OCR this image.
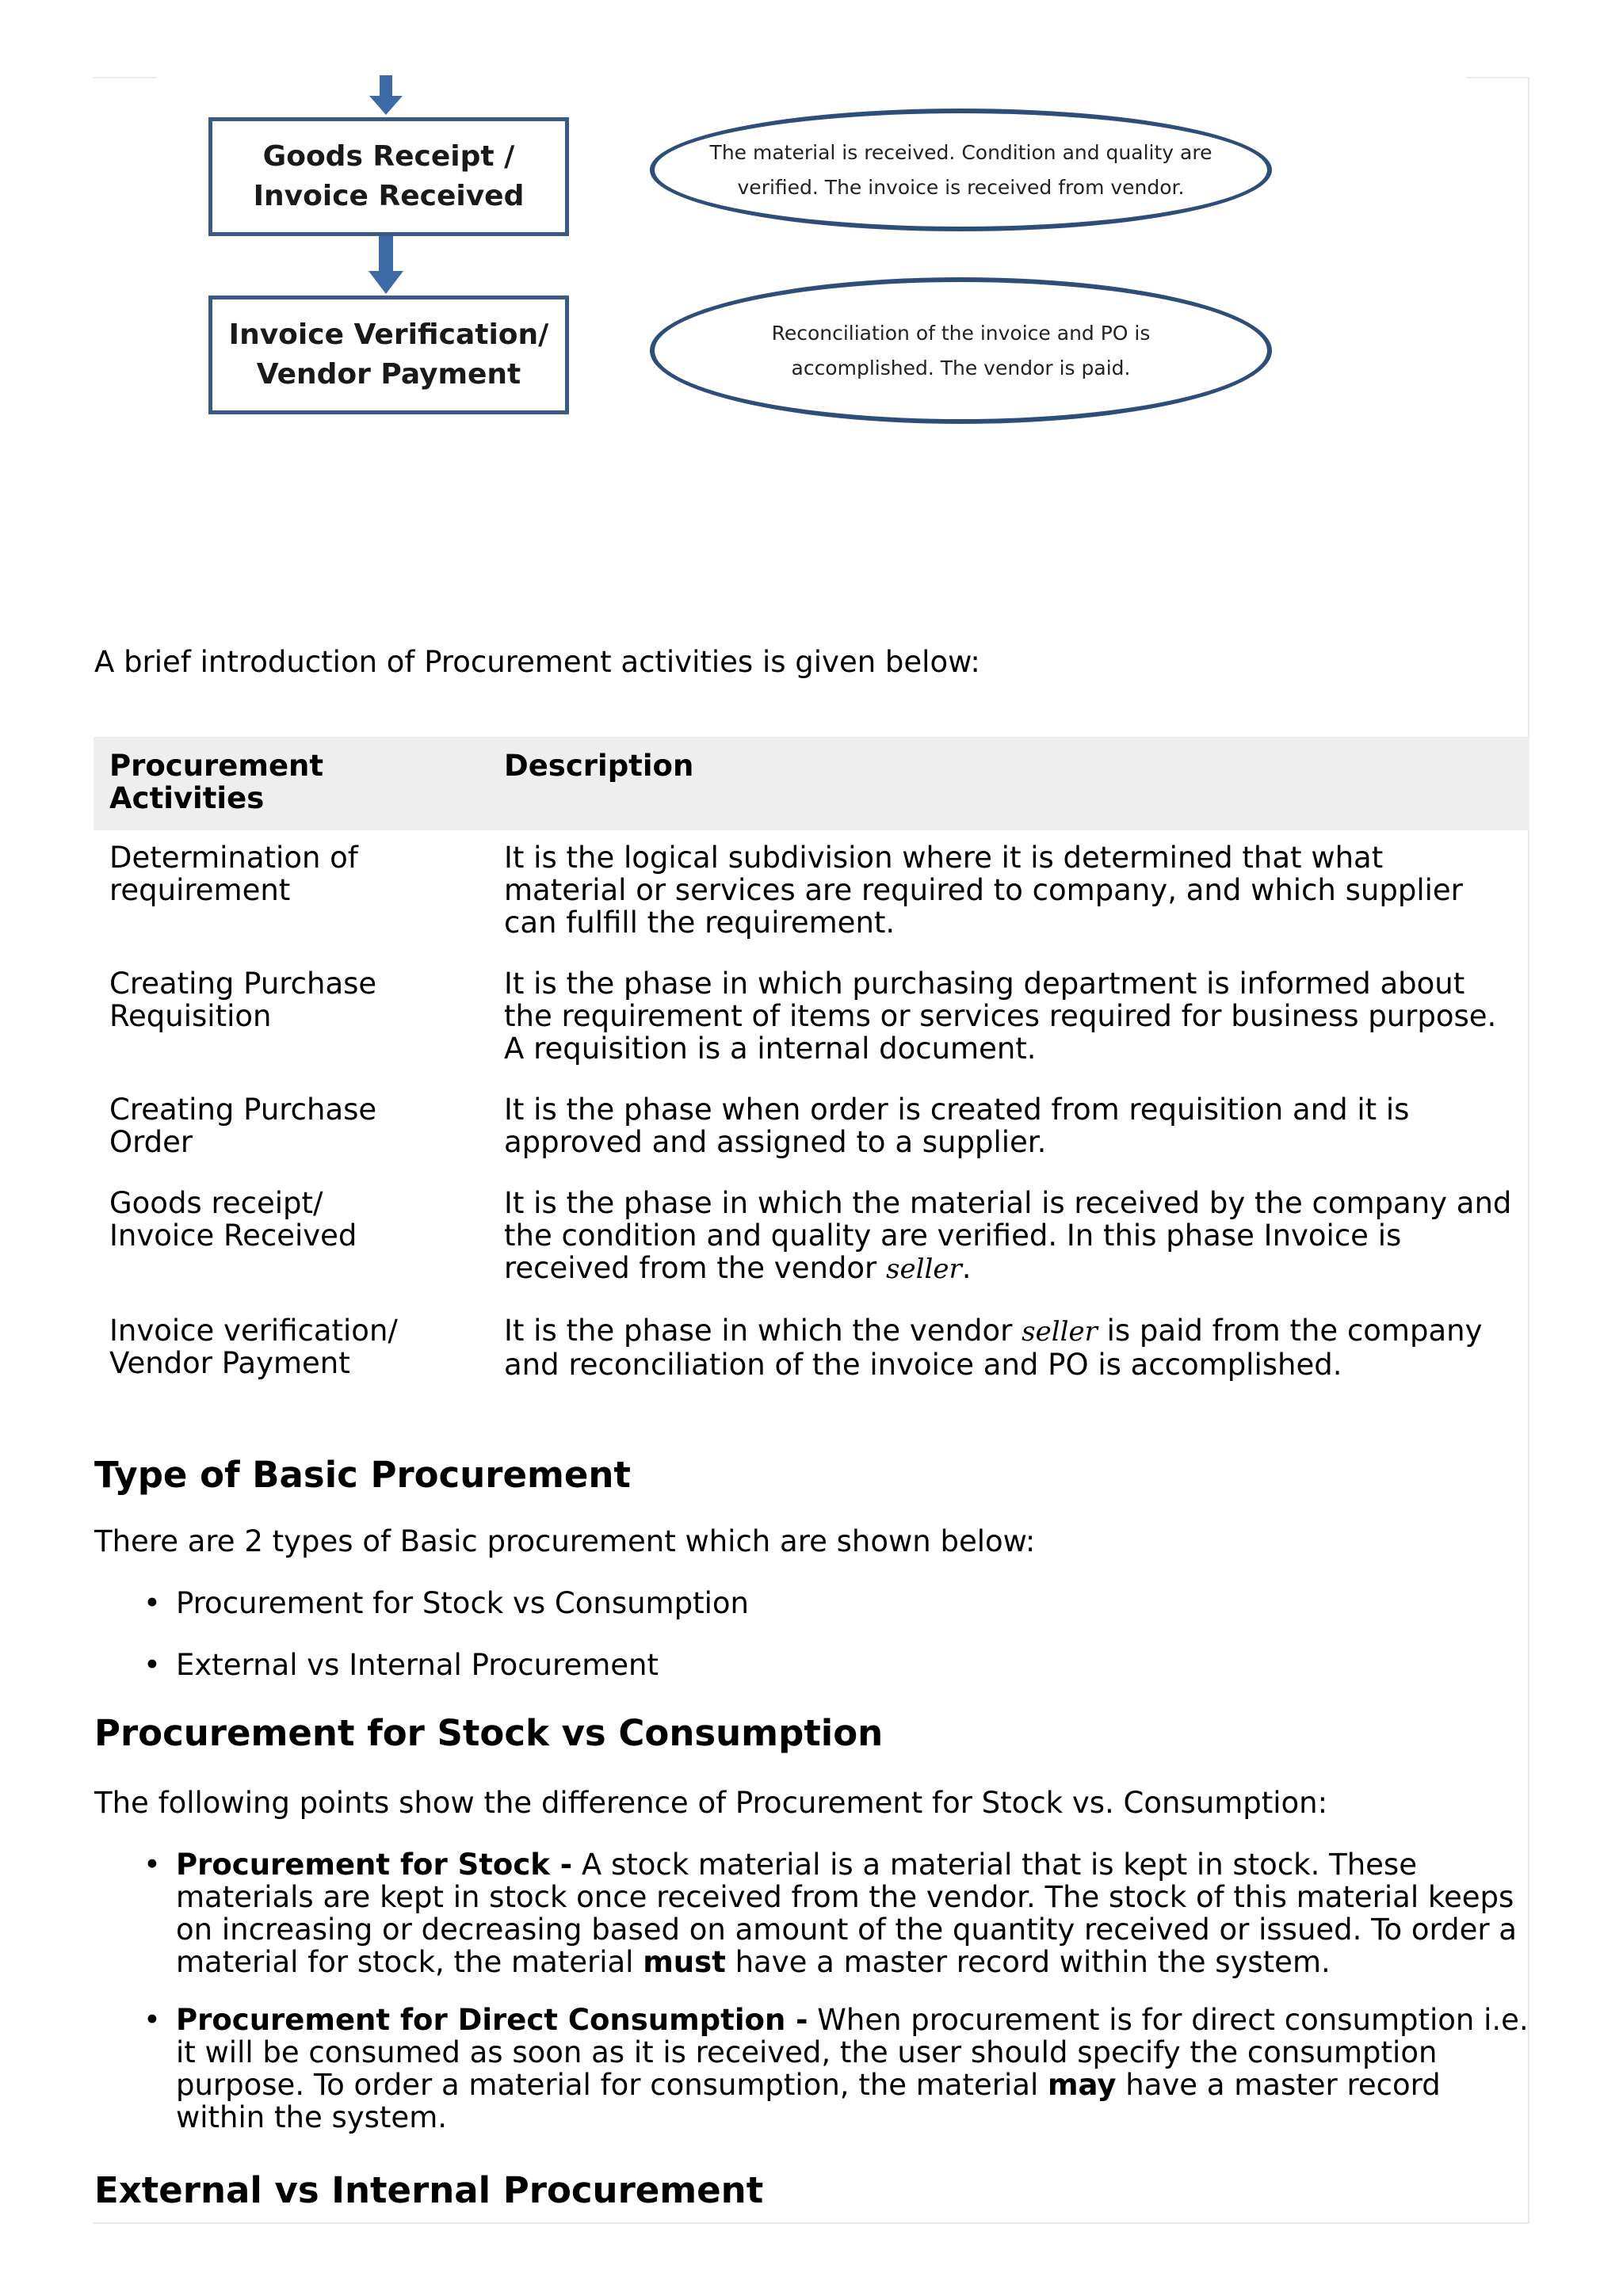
Goods Receipt /
Invoice Received
Invoice Verification/
Vendor Payment
The material is received. Condition and quality are
verified. The invoice is received from vendor.
Reconciliation of the invoice and PO is
accomplished. The vendor is paid.
A brief introduction of Procurement activities is given below:
Procurement Activities	Description
Determination of requirement	It is the logical subdivision where it is determined that what material or services are required to company, and which supplier can fulfill the requirement.
Creating Purchase Requisition	It is the phase in which purchasing department is informed about the requirement of items or services required for business purpose. A requisition is a internal document.
Creating Purchase Order	It is the phase when order is created from requisition and it is approved and assigned to a supplier.
Goods receipt/ Invoice Received	It is the phase in which the material is received by the company and the condition and quality are verified. In this phase Invoice is received from the vendor seller.
Invoice verification/ Vendor Payment	It is the phase in which the vendor seller is paid from the company and reconciliation of the invoice and PO is accomplished.
Type of Basic Procurement

There are 2 types of Basic procurement which are shown below:

• Procurement for Stock vs Consumption
• External vs Internal Procurement
Procurement for Stock vs Consumption

The following points show the difference of Procurement for Stock vs. Consumption:

• Procurement for Stock - A stock material is a material that is kept in stock. These materials are kept in stock once received from the vendor. The stock of this material keeps on increasing or decreasing based on amount of the quantity received or issued. To order a material for stock, the material must have a master record within the system.
• Procurement for Direct Consumption - When procurement is for direct consumption i.e. it will be consumed as soon as it is received, the user should specify the consumption purpose. To order a material for consumption, the material may have a master record within the system.
External vs Internal Procurement
